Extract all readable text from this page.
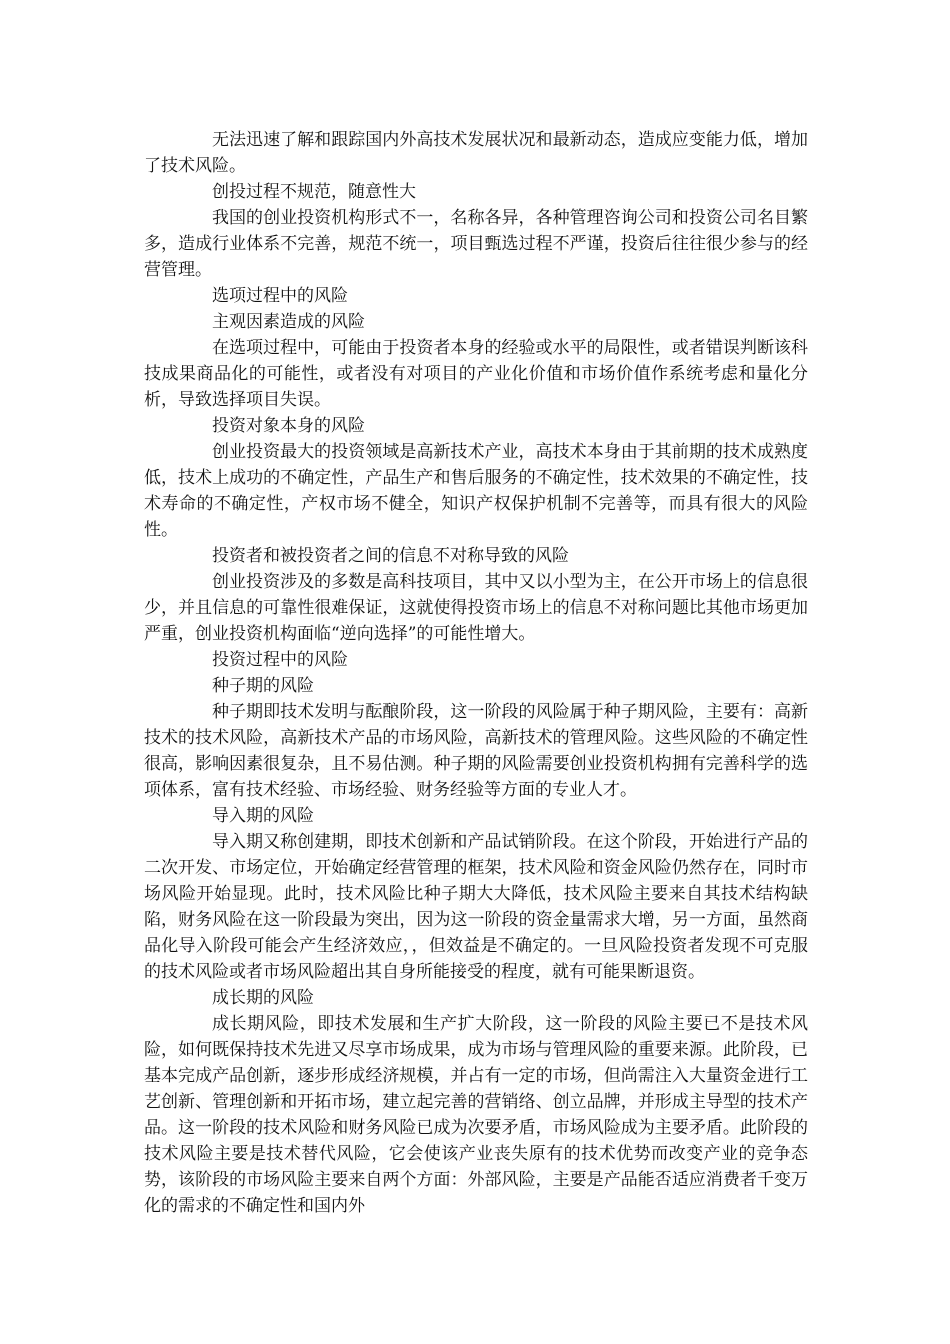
无法迅速了解和跟踪国内外高技术发展状况和最新动态，造成应变能力低，增加了技术风险。

创投过程不规范，随意性大

我国的创业投资机构形式不一，名称各异，各种管理咨询公司和投资公司名目繁多，造成行业体系不完善，规范不统一，项目甄选过程不严谨，投资后往往很少参与的经营管理。

选项过程中的风险

主观因素造成的风险

在选项过程中，可能由于投资者本身的经验或水平的局限性，或者错误判断该科技成果商品化的可能性，或者没有对项目的产业化价值和市场价值作系统考虑和量化分析，导致选择项目失误。

投资对象本身的风险

创业投资最大的投资领域是高新技术产业，高技术本身由于其前期的技术成熟度低，技术上成功的不确定性，产品生产和售后服务的不确定性，技术效果的不确定性，技术寿命的不确定性，产权市场不健全，知识产权保护机制不完善等，而具有很大的风险性。

投资者和被投资者之间的信息不对称导致的风险

创业投资涉及的多数是高科技项目，其中又以小型为主，在公开市场上的信息很少，并且信息的可靠性很难保证，这就使得投资市场上的信息不对称问题比其他市场更加严重，创业投资机构面临“逆向选择”的可能性增大。

投资过程中的风险

种子期的风险

种子期即技术发明与酝酿阶段，这一阶段的风险属于种子期风险，主要有：高新技术的技术风险，高新技术产品的市场风险，高新技术的管理风险。这些风险的不确定性很高，影响因素很复杂，且不易估测。种子期的风险需要创业投资机构拥有完善科学的选项体系，富有技术经验、市场经验、财务经验等方面的专业人才。

导入期的风险

导入期又称创建期，即技术创新和产品试销阶段。在这个阶段，开始进行产品的二次开发、市场定位，开始确定经营管理的框架，技术风险和资金风险仍然存在，同时市场风险开始显现。此时，技术风险比种子期大大降低，技术风险主要来自其技术结构缺陷，财务风险在这一阶段最为突出，因为这一阶段的资金量需求大增，另一方面，虽然商品化导入阶段可能会产生经济效应，，但效益是不确定的。一旦风险投资者发现不可克服的技术风险或者市场风险超出其自身所能接受的程度，就有可能果断退资。

成长期的风险

成长期风险，即技术发展和生产扩大阶段，这一阶段的风险主要已不是技术风险，如何既保持技术先进又尽享市场成果，成为市场与管理风险的重要来源。此阶段，已基本完成产品创新，逐步形成经济规模，并占有一定的市场，但尚需注入大量资金进行工艺创新、管理创新和开拓市场，建立起完善的营销络、创立品牌，并形成主导型的技术产品。这一阶段的技术风险和财务风险已成为次要矛盾，市场风险成为主要矛盾。此阶段的技术风险主要是技术替代风险，它会使该产业丧失原有的技术优势而改变产业的竞争态势，该阶段的市场风险主要来自两个方面：外部风险，主要是产品能否适应消费者千变万化的需求的不确定性和国内外
